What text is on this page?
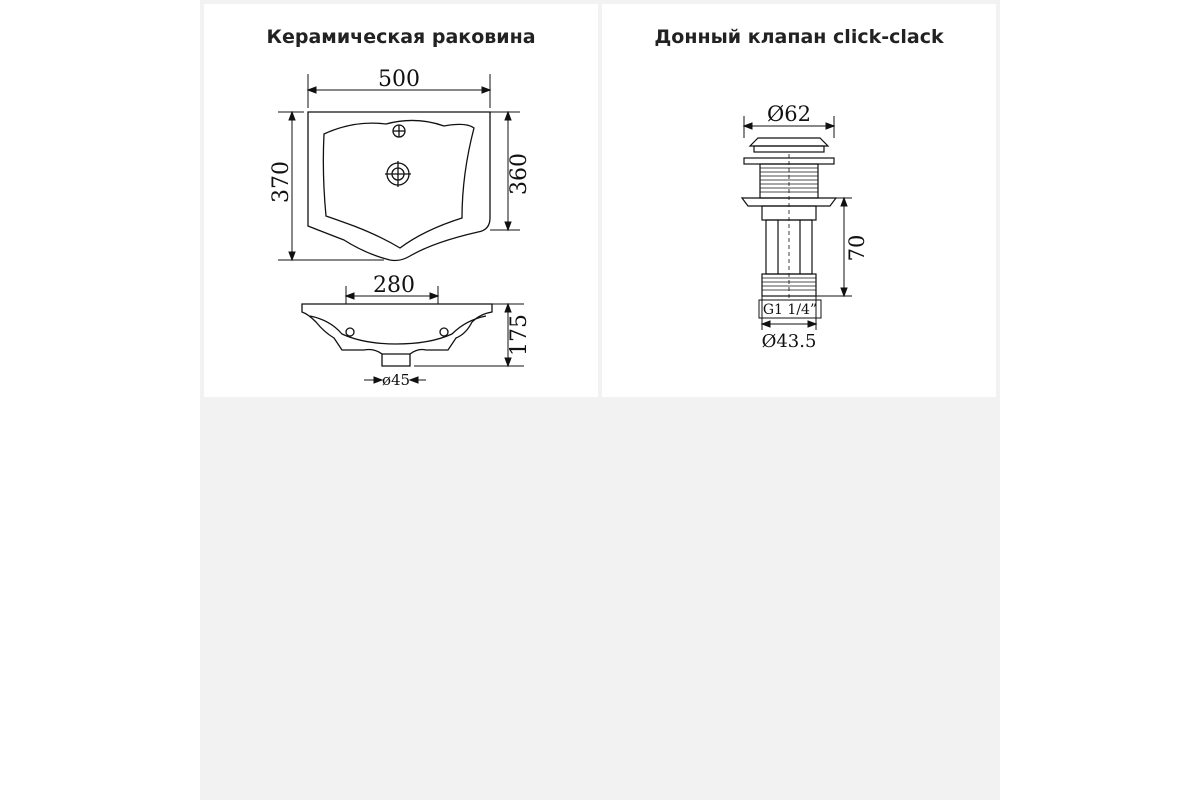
Керамическая раковина
500
370	360
280
175
ø45
Донный клапан click-clack
Ø62
70
G1 1/4”
Ø43.5
